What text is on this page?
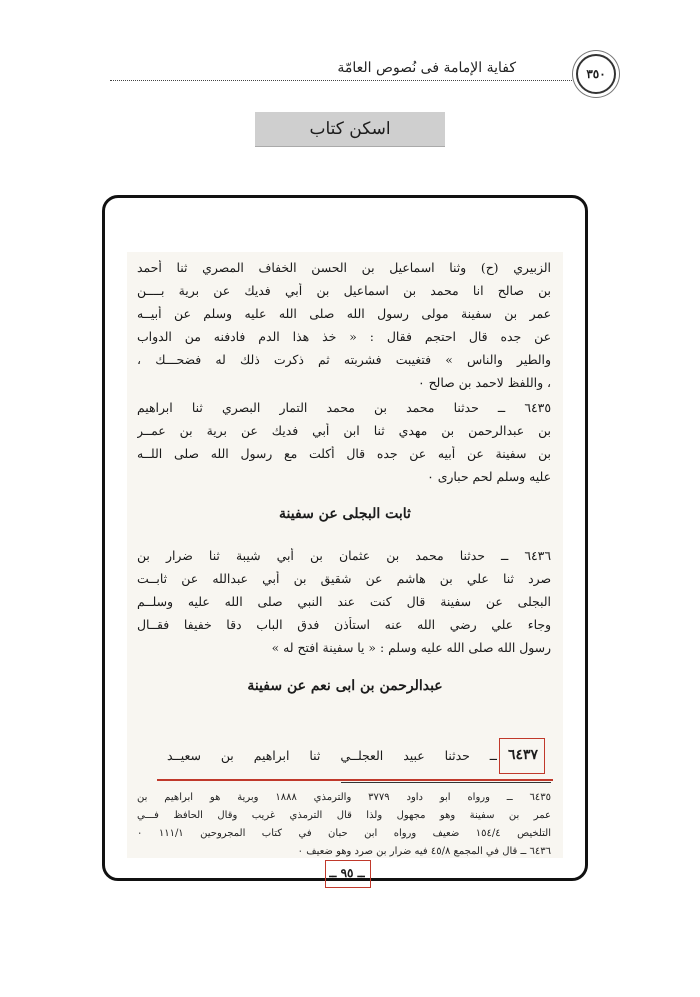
كفاية الإمامة فى نُصوص العامّة	٣٥٠
اسكن كتاب
الزبيري (ح) وثنا اسماعيل بن الحسن الخفاف المصري ثنا أحمد
بن صالح انا محمد بن اسماعيل بن أبي فديك عن برية بــــن
عمر بن سفينة مولى رسول الله صلى الله عليه وسلم عن أبيــه
عن جده قال احتجم فقال : « خذ هذا الدم فادفنه من الدواب
والطير والناس » فتغيبت فشربته ثم ذكرت ذلك له فضحـــك ،
، واللفظ لاحمد بن صالح ٠
٦٤٣٥ ــ حدثنا محمد بن محمد التمار البصري ثنا ابراهيم
بن عبدالرحمن بن مهدي ثنا ابن أبي فديك عن برية بن عمــر
بن سفينة عن أبيه عن جده قال أكلت مع رسول الله صلى اللــه
عليه وسلم لحم حبارى ٠
ثابت البجلى عن سفينة
٦٤٣٦ ــ حدثنا محمد بن عثمان بن أبي شيبة ثنا ضرار بن
صرد ثنا علي بن هاشم عن شقيق بن أبي عبدالله عن ثابــت
البجلى عن سفينة قال كنت عند النبي صلى الله عليه وسلــم
وجاء علي رضي الله عنه استأذن فدق الباب دقا خفيفا فقــال
رسول الله صلى الله عليه وسلم : « يا سفينة افتح له »
عبدالرحمن بن ابى نعم عن سفينة
٦٤٣٧
ــ حدثنا عبيد العجلــي ثنا ابراهيم بن سعيــد
٦٤٣٥ ــ ورواه ابو داود ٣٧٧٩ والترمذي ١٨٨٨ وبرية هو ابراهيم بن
عمر بن سفينة وهو مجهول ولذا قال الترمذي غريب وقال الحافظ فـــي
التلخيص ١٥٤/٤ ضعيف ورواه ابن حبان في كتاب المجروحين ١١١/١ ٠
٦٤٣٦ ــ قال في المجمع ٤٥/٨ فيه ضرار بن صرد وهو ضعيف ٠
ــ ٩٥ ــ
